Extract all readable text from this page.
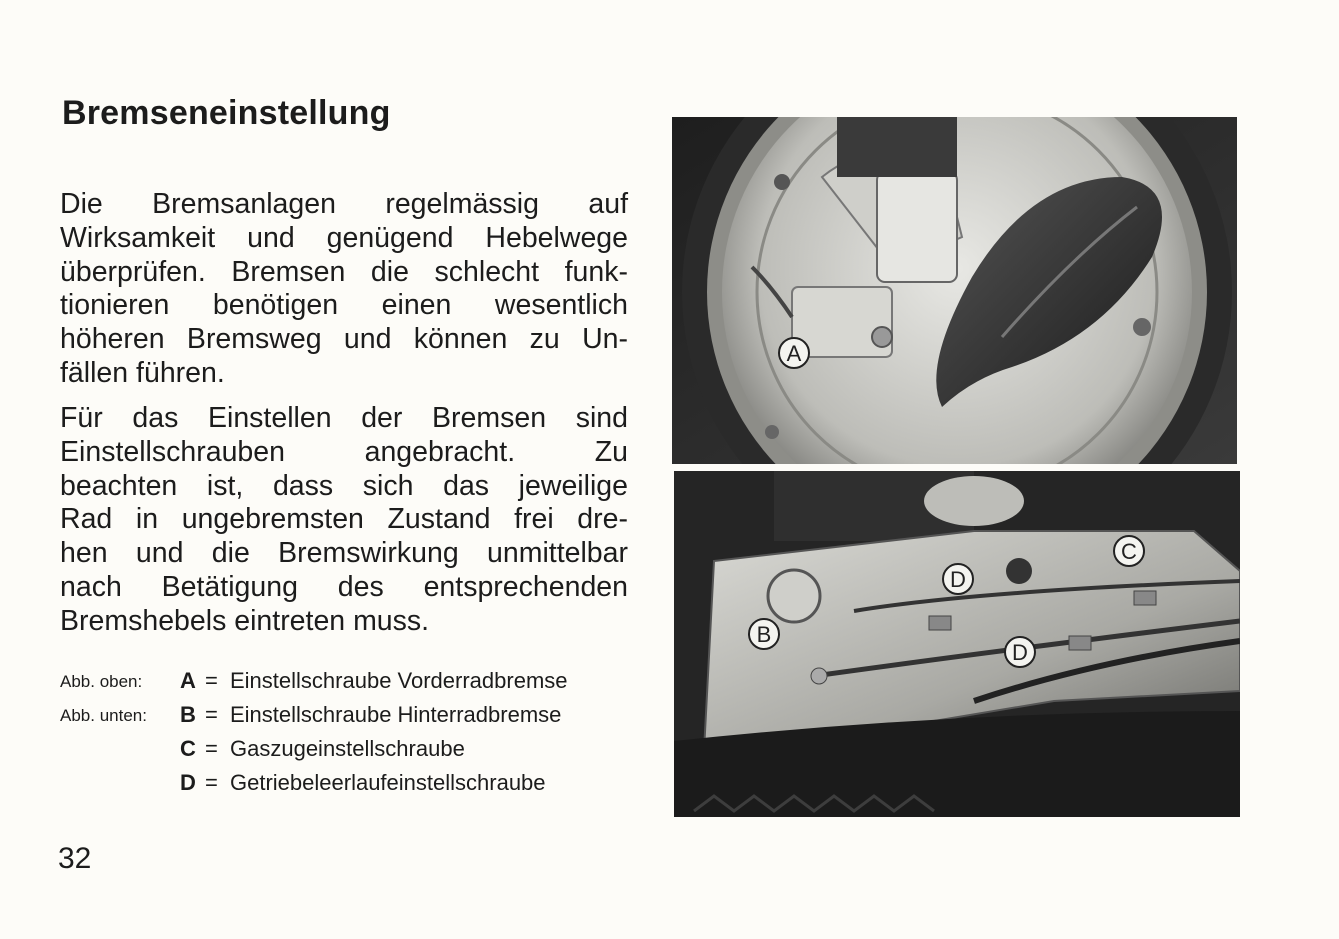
Bremseneinstellung
Die Bremsanlagen regelmässig auf
Wirksamkeit und genügend Hebelwege
überprüfen. Bremsen die schlecht funk-
tionieren benötigen einen wesentlich
höheren Bremsweg und können zu Un-
fällen führen.
Für das Einstellen der Bremsen sind
Einstellschrauben angebracht. Zu
beachten ist, dass sich das jeweilige
Rad in ungebremsten Zustand frei dre-
hen und die Bremswirkung unmittelbar
nach Betätigung des entsprechenden
Bremshebels eintreten muss.
Abb. oben: A = Einstellschraube Vorderradbremse
Abb. unten: B = Einstellschraube Hinterradbremse
C = Gaszugeinstellschraube
D = Getriebeleerlaufeinstellschraube
32
A
B
C
D
D
